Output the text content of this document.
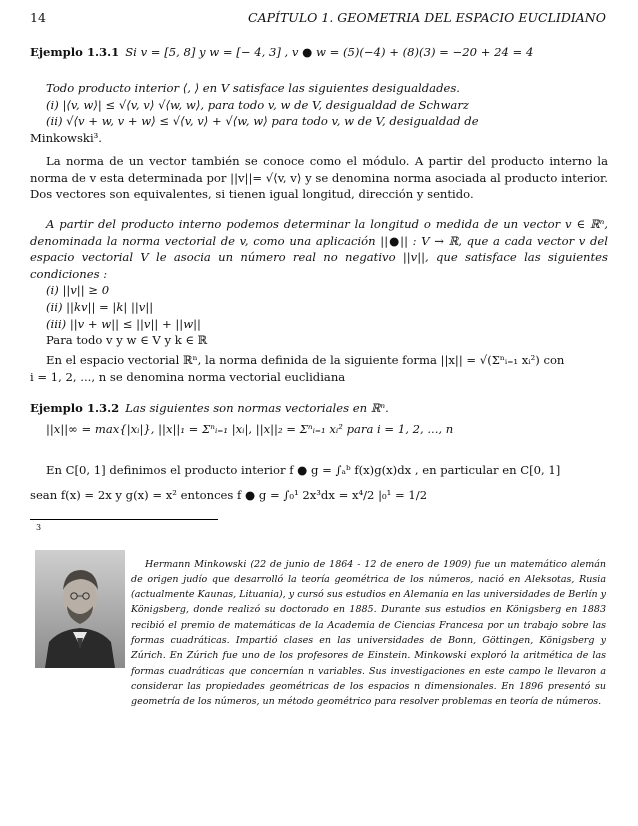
14	CAPÍTULO 1. GEOMETRIA DEL ESPACIO EUCLIDIANO

Ejemplo 1.3.1 Si v = [5, 8] y w = [− 4, 3] , v ● w = (5)(−4) + (8)(3) = −20 + 24 = 4

Todo producto interior ⟨, ⟩ en V satisface las siguientes desigualdades.

(i) |⟨v, w⟩| ≤ √⟨v, v⟩ √⟨w, w⟩, para todo v, w de V, desigualdad de Schwarz

(ii) √⟨v + w, v + w⟩ ≤ √⟨v, v⟩ + √⟨w, w⟩ para todo v, w de V, desigualdad de

Minkowski³.

La norma de un vector también se conoce como el módulo. A partir del producto interno la norma de v esta determinada por ||v||= √⟨v, v⟩ y se denomina norma asociada al producto interior. Dos vectores son equivalentes, si tienen igual longitud, dirección y sentido.

A partir del producto interno podemos determinar la longitud o medida de un vector v ∈ ℝⁿ, denominada la norma vectorial de v, como una aplicación ||●|| : V → ℝ, que a cada vector v del espacio vectorial V le asocia un número real no negativo ||v||, que satisface las siguientes condiciones :

(i) ||v|| ≥ 0

(ii) ||kv|| = |k| ||v||

(iii) ||v + w|| ≤ ||v|| + ||w||

Para todo v y w ∈ V y k ∈ ℝ

En el espacio vectorial ℝⁿ, la norma definida de la siguiente forma ||x|| = √(Σⁿᵢ₌₁ xᵢ²) con

i = 1, 2, ..., n se denomina norma vectorial euclidiana

Ejemplo 1.3.2 Las siguientes son normas vectoriales en ℝⁿ.

||x||∞ = max{|xᵢ|}, ||x||₁ = Σⁿᵢ₌₁ |xᵢ|, ||x||₂ = Σⁿᵢ₌₁ xᵢ² para i = 1, 2, ..., n

En C[0, 1] definimos el producto interior f ● g = ∫ₐᵇ f(x)g(x)dx , en particular en C[0, 1]

sean f(x) = 2x y g(x) = x² entonces f ● g = ∫₀¹ 2x³dx = x⁴/2 |₀¹ = 1/2

3

Hermann Minkowski (22 de junio de 1864 - 12 de enero de 1909) fue un matemático alemán de origen judío que desarrolló la teoría geométrica de los números, nació en Aleksotas, Rusia (actualmente Kaunas, Lituania), y cursó sus estudios en Alemania en las universidades de Berlín y Königsberg, donde realizó su doctorado en 1885. Durante sus estudios en Königsberg en 1883 recibió el premio de matemáticas de la Academia de Ciencias Francesa por un trabajo sobre las formas cuadráticas. Impartió clases en las universidades de Bonn, Göttingen, Königsberg y Zúrich. En Zúrich fue uno de los profesores de Einstein. Minkowski exploró la aritmética de las formas cuadráticas que concernían n variables. Sus investigaciones en este campo le llevaron a considerar las propiedades geométricas de los espacios n dimensionales. En 1896 presentó su geometría de los números, un método geométrico para resolver problemas en teoría de números.
